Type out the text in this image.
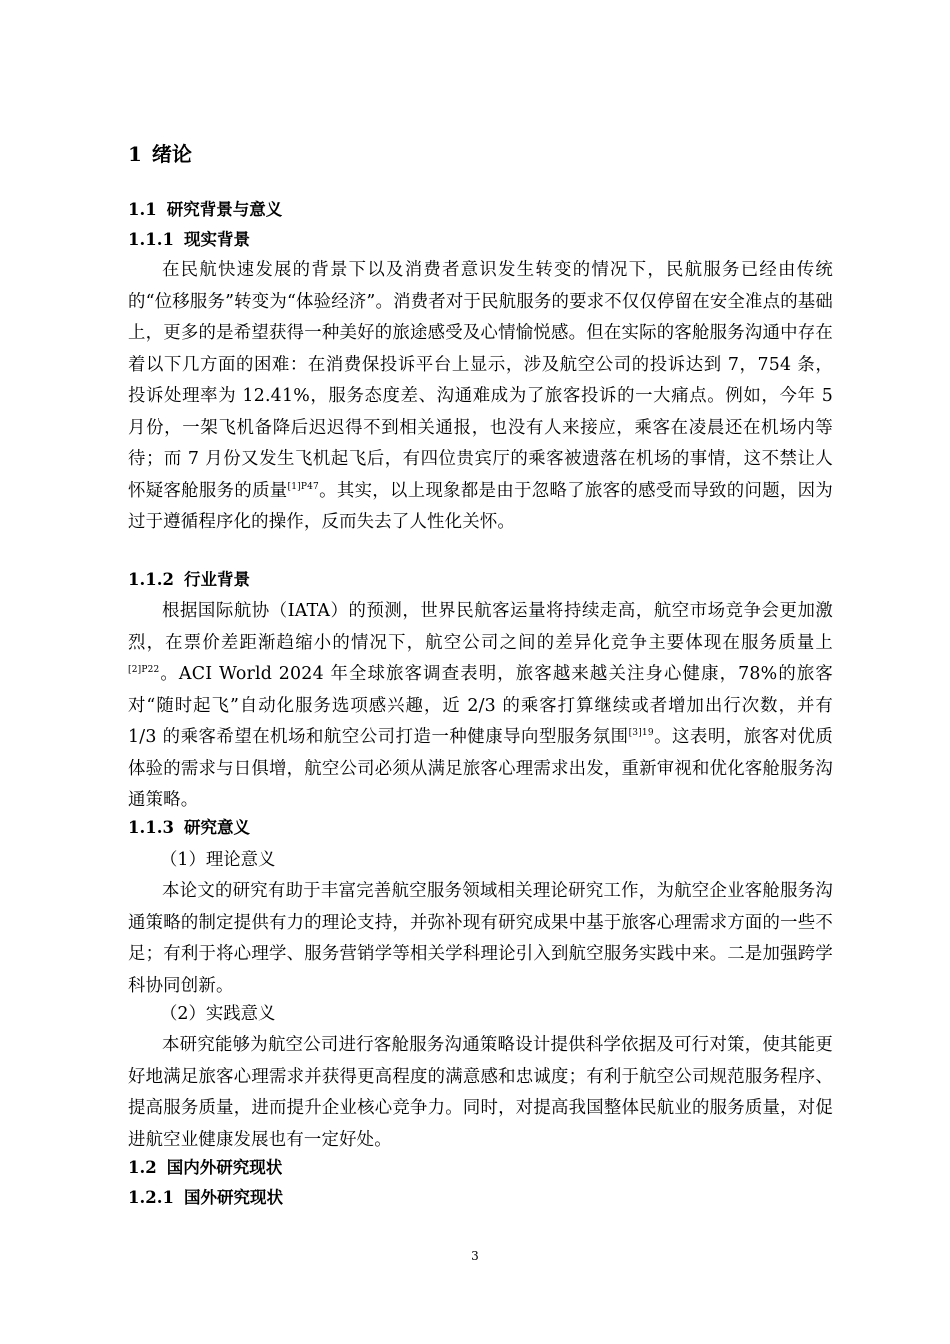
1 绪论
1.1 研究背景与意义
1.1.1 现实背景
在民航快速发展的背景下以及消费者意识发生转变的情况下，民航服务已经由传统的“位移服务”转变为“体验经济”。消费者对于民航服务的要求不仅仅停留在安全准点的基础上，更多的是希望获得一种美好的旅途感受及心情愉悦感。但在实际的客舱服务沟通中存在着以下几方面的困难：在消费保投诉平台上显示，涉及航空公司的投诉达到 7，754 条，投诉处理率为 12.41%，服务态度差、沟通难成为了旅客投诉的一大痛点。例如，今年 5 月份，一架飞机备降后迟迟得不到相关通报，也没有人来接应，乘客在凌晨还在机场内等待；而 7 月份又发生飞机起飞后，有四位贵宾厅的乘客被遗落在机场的事情，这不禁让人怀疑客舱服务的质量$^{[1]P47}$。其实，以上现象都是由于忽略了旅客的感受而导致的问题，因为过于遵循程序化的操作，反而失去了人性化关怀。
1.1.2 行业背景
根据国际航协（IATA）的预测，世界民航客运量将持续走高，航空市场竞争会更加激烈，在票价差距渐趋缩小的情况下，航空公司之间的差异化竞争主要体现在服务质量上$^{[2]P22}$。ACI World 2024 年全球旅客调查表明，旅客越来越关注身心健康，78%的旅客对“随时起飞”自动化服务选项感兴趣，近 2/3 的乘客打算继续或者增加出行次数，并有 1/3 的乘客希望在机场和航空公司打造一种健康导向型服务氛围$^{[3]19}$。这表明，旅客对优质体验的需求与日俱增，航空公司必须从满足旅客心理需求出发，重新审视和优化客舱服务沟通策略。
1.1.3 研究意义
（1）理论意义
本论文的研究有助于丰富完善航空服务领域相关理论研究工作，为航空企业客舱服务沟通策略的制定提供有力的理论支持，并弥补现有研究成果中基于旅客心理需求方面的一些不足；有利于将心理学、服务营销学等相关学科理论引入到航空服务实践中来。二是加强跨学科协同创新。
（2）实践意义
本研究能够为航空公司进行客舱服务沟通策略设计提供科学依据及可行对策，使其能更好地满足旅客心理需求并获得更高程度的满意感和忠诚度；有利于航空公司规范服务程序、提高服务质量，进而提升企业核心竞争力。同时，对提高我国整体民航业的服务质量，对促进航空业健康发展也有一定好处。
1.2 国内外研究现状
1.2.1 国外研究现状
3
